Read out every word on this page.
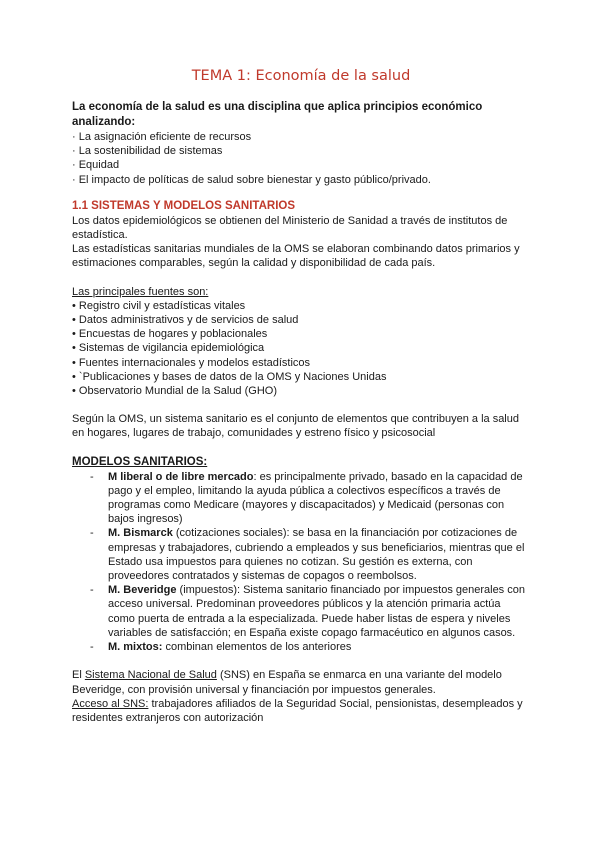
TEMA 1: Economía de la salud

La economía de la salud es una disciplina que aplica principios económico analizando:

· La asignación eficiente de recursos
· La sostenibilidad de sistemas
· Equidad
· El impacto de políticas de salud sobre bienestar y gasto público/privado.
1.1 SISTEMAS Y MODELOS SANITARIOS

Los datos epidemiológicos se obtienen del Ministerio de Sanidad a través de institutos de estadística.

Las estadísticas sanitarias mundiales de la OMS se elaboran combinando datos primarios y estimaciones comparables, según la calidad y disponibilidad de cada país.

Las principales fuentes son:

• Registro civil y estadísticas vitales
• Datos administrativos y de servicios de salud
• Encuestas de hogares y poblacionales
• Sistemas de vigilancia epidemiológica
• Fuentes internacionales y modelos estadísticos
• `Publicaciones y bases de datos de la OMS y Naciones Unidas
• Observatorio Mundial de la Salud (GHO)

Según la OMS, un sistema sanitario es el conjunto de elementos que contribuyen a la salud en hogares, lugares de trabajo, comunidades y estreno físico y psicosocial

MODELOS SANITARIOS:

- M liberal o de libre mercado: es principalmente privado, basado en la capacidad de pago y el empleo, limitando la ayuda pública a colectivos específicos a través de programas como Medicare (mayores y discapacitados) y Medicaid (personas con bajos ingresos)
- M. Bismarck (cotizaciones sociales): se basa en la financiación por cotizaciones de empresas y trabajadores, cubriendo a empleados y sus beneficiarios, mientras que el Estado usa impuestos para quienes no cotizan. Su gestión es externa, con proveedores contratados y sistemas de copagos o reembolsos.
- M. Beveridge (impuestos): Sistema sanitario financiado por impuestos generales con acceso universal. Predominan proveedores públicos y la atención primaria actúa como puerta de entrada a la especializada. Puede haber listas de espera y niveles variables de satisfacción; en España existe copago farmacéutico en algunos casos.
- M. mixtos: combinan elementos de los anteriores

El Sistema Nacional de Salud (SNS) en España se enmarca en una variante del modelo Beveridge, con provisión universal y financiación por impuestos generales.

Acceso al SNS: trabajadores afiliados de la Seguridad Social, pensionistas, desempleados y residentes extranjeros con autorización
